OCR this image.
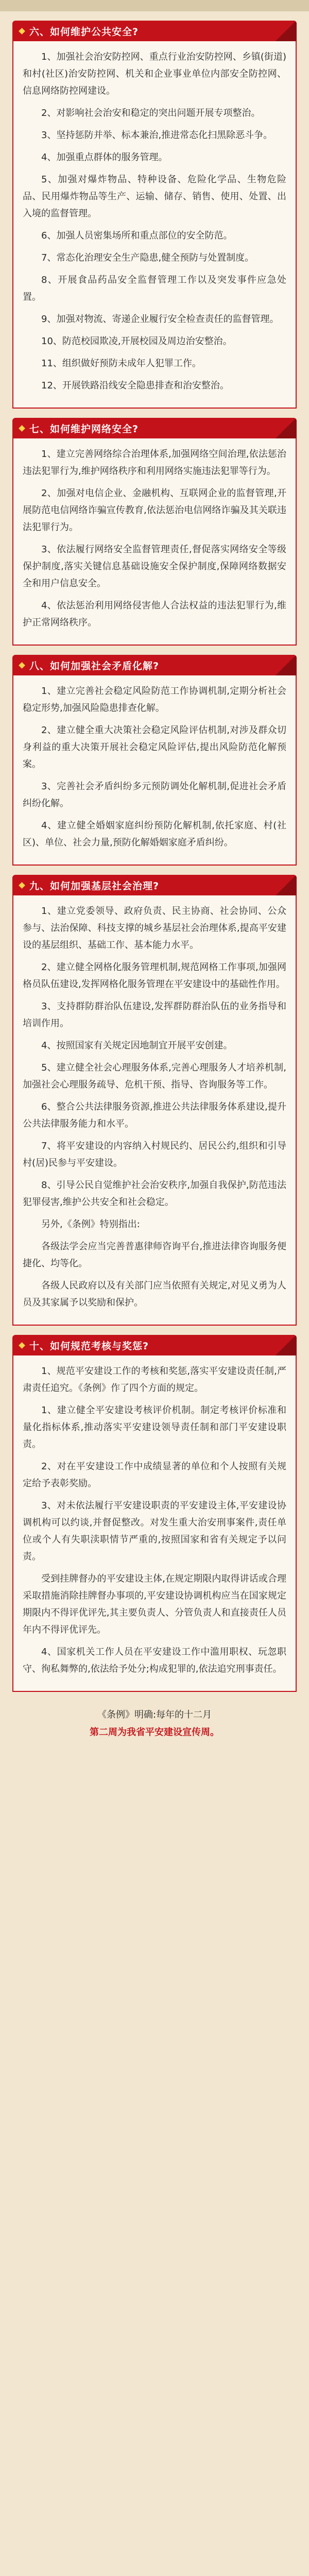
六、如何维护公共安全?

1、加强社会治安防控网、重点行业治安防控网、乡镇(街道)和村(社区)治安防控网、机关和企业事业单位内部安全防控网、信息网络防控网建设。

2、对影响社会治安和稳定的突出问题开展专项整治。

3、坚持惩防并举、标本兼治,推进常态化扫黑除恶斗争。

4、加强重点群体的服务管理。

5、加强对爆炸物品、特种设备、危险化学品、生物危险品、民用爆炸物品等生产、运输、储存、销售、使用、处置、出入境的监督管理。

6、加强人员密集场所和重点部位的安全防范。

7、常态化治理安全生产隐患,健全预防与处置制度。

8、开展食品药品安全监督管理工作以及突发事件应急处置。

9、加强对物流、寄递企业履行安全检查责任的监督管理。

10、防范校园欺凌,开展校园及周边治安整治。

11、组织做好预防未成年人犯罪工作。

12、开展铁路沿线安全隐患排查和治安整治。

七、如何维护网络安全?

1、建立完善网络综合治理体系,加强网络空间治理,依法惩治违法犯罪行为,维护网络秩序和利用网络实施违法犯罪等行为。

2、加强对电信企业、金融机构、互联网企业的监督管理,开展防范电信网络诈骗宣传教育,依法惩治电信网络诈骗及其关联违法犯罪行为。

3、依法履行网络安全监督管理责任,督促落实网络安全等级保护制度,落实关键信息基础设施安全保护制度,保障网络数据安全和用户信息安全。

4、依法惩治利用网络侵害他人合法权益的违法犯罪行为,维护正常网络秩序。

八、如何加强社会矛盾化解?

1、建立完善社会稳定风险防范工作协调机制,定期分析社会稳定形势,加强风险隐患排查化解。

2、建立健全重大决策社会稳定风险评估机制,对涉及群众切身利益的重大决策开展社会稳定风险评估,提出风险防范化解预案。

3、完善社会矛盾纠纷多元预防调处化解机制,促进社会矛盾纠纷化解。

4、建立健全婚姻家庭纠纷预防化解机制,依托家庭、村(社区)、单位、社会力量,预防化解婚姻家庭矛盾纠纷。

九、如何加强基层社会治理?

1、建立党委领导、政府负责、民主协商、社会协同、公众参与、法治保障、科技支撑的城乡基层社会治理体系,提高平安建设的基层组织、基础工作、基本能力水平。

2、建立健全网格化服务管理机制,规范网格工作事项,加强网格员队伍建设,发挥网格化服务管理在平安建设中的基础性作用。

3、支持群防群治队伍建设,发挥群防群治队伍的业务指导和培训作用。

4、按照国家有关规定因地制宜开展平安创建。

5、建立健全社会心理服务体系,完善心理服务人才培养机制,加强社会心理服务疏导、危机干预、指导、咨询服务等工作。

6、整合公共法律服务资源,推进公共法律服务体系建设,提升公共法律服务能力和水平。

7、将平安建设的内容纳入村规民约、居民公约,组织和引导村(居)民参与平安建设。

8、引导公民自觉维护社会治安秩序,加强自我保护,防范违法犯罪侵害,维护公共安全和社会稳定。

另外,《条例》特别指出:

各级法学会应当完善普惠律师咨询平台,推进法律咨询服务便捷化、均等化。

各级人民政府以及有关部门应当依照有关规定,对见义勇为人员及其家属予以奖励和保护。

十、如何规范考核与奖惩?

1、规范平安建设工作的考核和奖惩,落实平安建设责任制,严肃责任追究。《条例》作了四个方面的规定。

1、建立健全平安建设考核评价机制。制定考核评价标准和量化指标体系,推动落实平安建设领导责任制和部门平安建设职责。

2、对在平安建设工作中成绩显著的单位和个人按照有关规定给予表彰奖励。

3、对未依法履行平安建设职责的平安建设主体,平安建设协调机构可以约谈,并督促整改。对发生重大治安刑事案件,责任单位或个人有失职渎职情节严重的,按照国家和省有关规定予以问责。

受到挂牌督办的平安建设主体,在规定期限内取得讲话或合理采取措施消除挂牌督办事项的,平安建设协调机构应当在国家规定期限内不得评优评先,其主要负责人、分管负责人和直接责任人员年内不得评优评先。

4、国家机关工作人员在平安建设工作中滥用职权、玩忽职守、徇私舞弊的,依法给予处分;构成犯罪的,依法追究刑事责任。

《条例》明确:每年的十二月
第二周为我省平安建设宣传周。
